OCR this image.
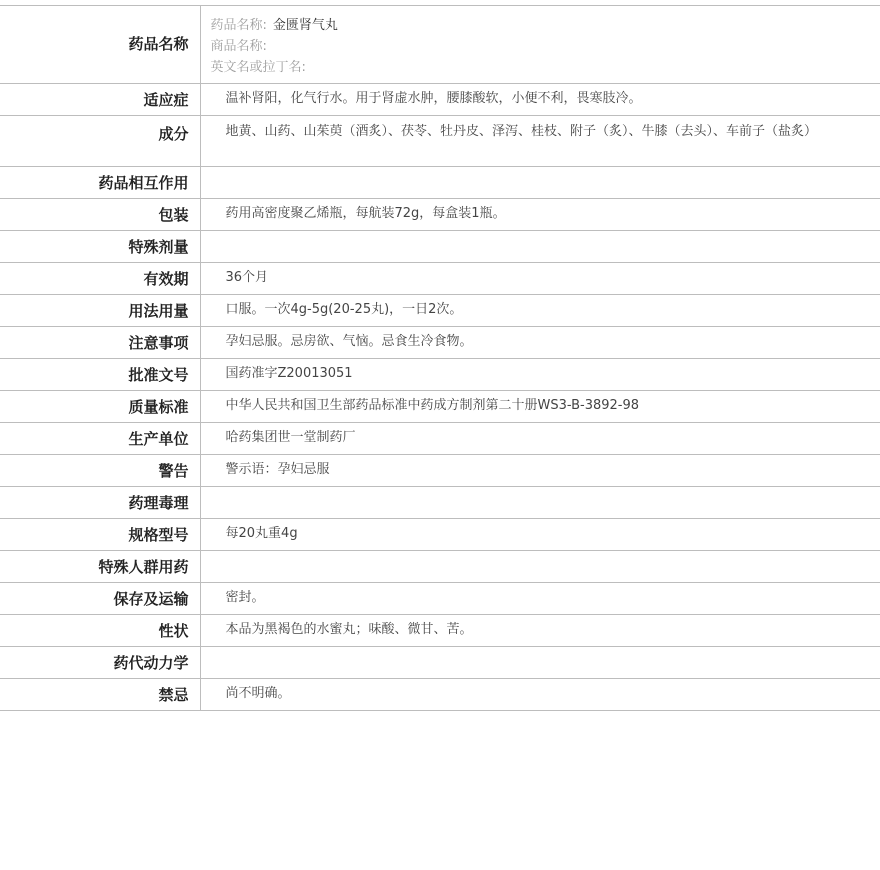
药品名称	药品名称: 金匮肾气丸
商品名称:
英文名或拉丁名:

适应症	温补肾阳，化气行水。用于肾虚水肿，腰膝酸软，小便不利，畏寒肢冷。
成分	地黄、山药、山茱萸（酒炙）、茯苓、牡丹皮、泽泻、桂枝、附子（炙）、牛膝（去头）、车前子（盐炙）
药品相互作用	
包装	药用高密度聚乙烯瓶，每航装72g，每盒装1瓶。
特殊剂量	
有效期	36个月
用法用量	口服。一次4g-5g(20-25丸)，一日2次。
注意事项	孕妇忌服。忌房欲、气恼。忌食生冷食物。
批准文号	国药准字Z20013051
质量标准	中华人民共和国卫生部药品标准中药成方制剂第二十册WS3-B-3892-98
生产单位	哈药集团世一堂制药厂
警告	警示语：孕妇忌服
药理毒理	
规格型号	每20丸重4g
特殊人群用药	
保存及运输	密封。
性状	本品为黑褐色的水蜜丸；味酸、微甘、苦。
药代动力学	
禁忌	尚不明确。
